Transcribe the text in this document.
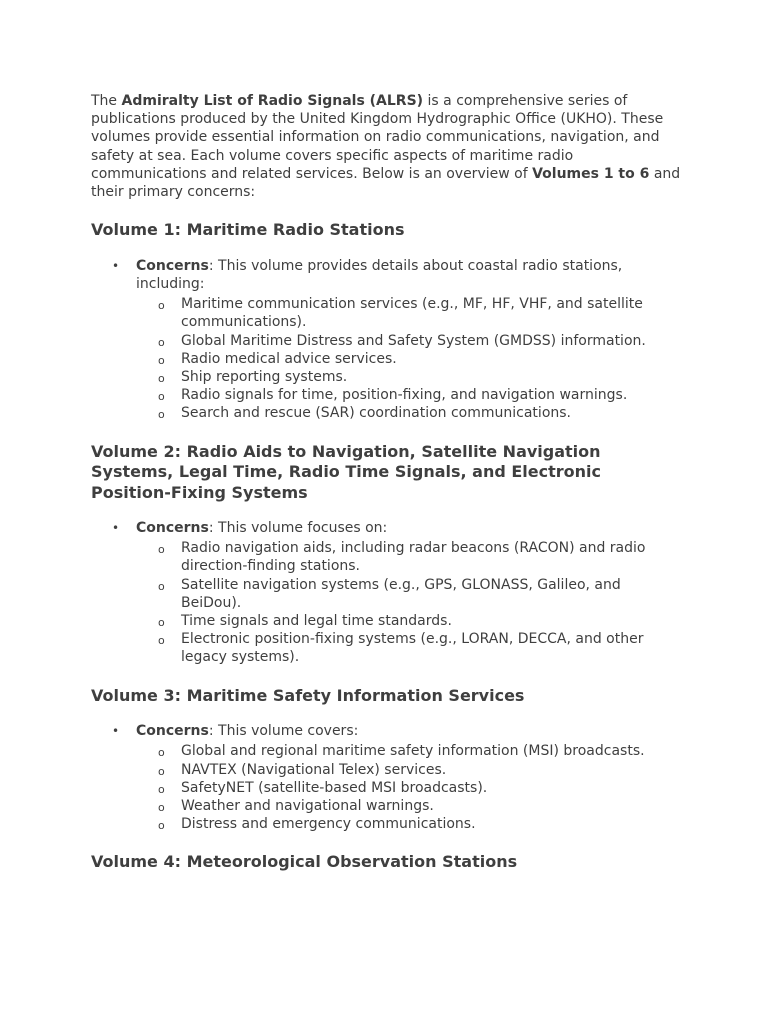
The Admiralty List of Radio Signals (ALRS) is a comprehensive series of publications produced by the United Kingdom Hydrographic Office (UKHO). These volumes provide essential information on radio communications, navigation, and safety at sea. Each volume covers specific aspects of maritime radio communications and related services. Below is an overview of Volumes 1 to 6 and their primary concerns:

Volume 1: Maritime Radio Stations
• Concerns: This volume provides details about coastal radio stations, including:
o Maritime communication services (e.g., MF, HF, VHF, and satellite communications).
o Global Maritime Distress and Safety System (GMDSS) information.
o Radio medical advice services.
o Ship reporting systems.
o Radio signals for time, position-fixing, and navigation warnings.
o Search and rescue (SAR) coordination communications.
Volume 2: Radio Aids to Navigation, Satellite Navigation Systems, Legal Time, Radio Time Signals, and Electronic Position-Fixing Systems
• Concerns: This volume focuses on:
o Radio navigation aids, including radar beacons (RACON) and radio direction-finding stations.
o Satellite navigation systems (e.g., GPS, GLONASS, Galileo, and BeiDou).
o Time signals and legal time standards.
o Electronic position-fixing systems (e.g., LORAN, DECCA, and other legacy systems).
Volume 3: Maritime Safety Information Services
• Concerns: This volume covers:
o Global and regional maritime safety information (MSI) broadcasts.
o NAVTEX (Navigational Telex) services.
o SafetyNET (satellite-based MSI broadcasts).
o Weather and navigational warnings.
o Distress and emergency communications.
Volume 4: Meteorological Observation Stations
